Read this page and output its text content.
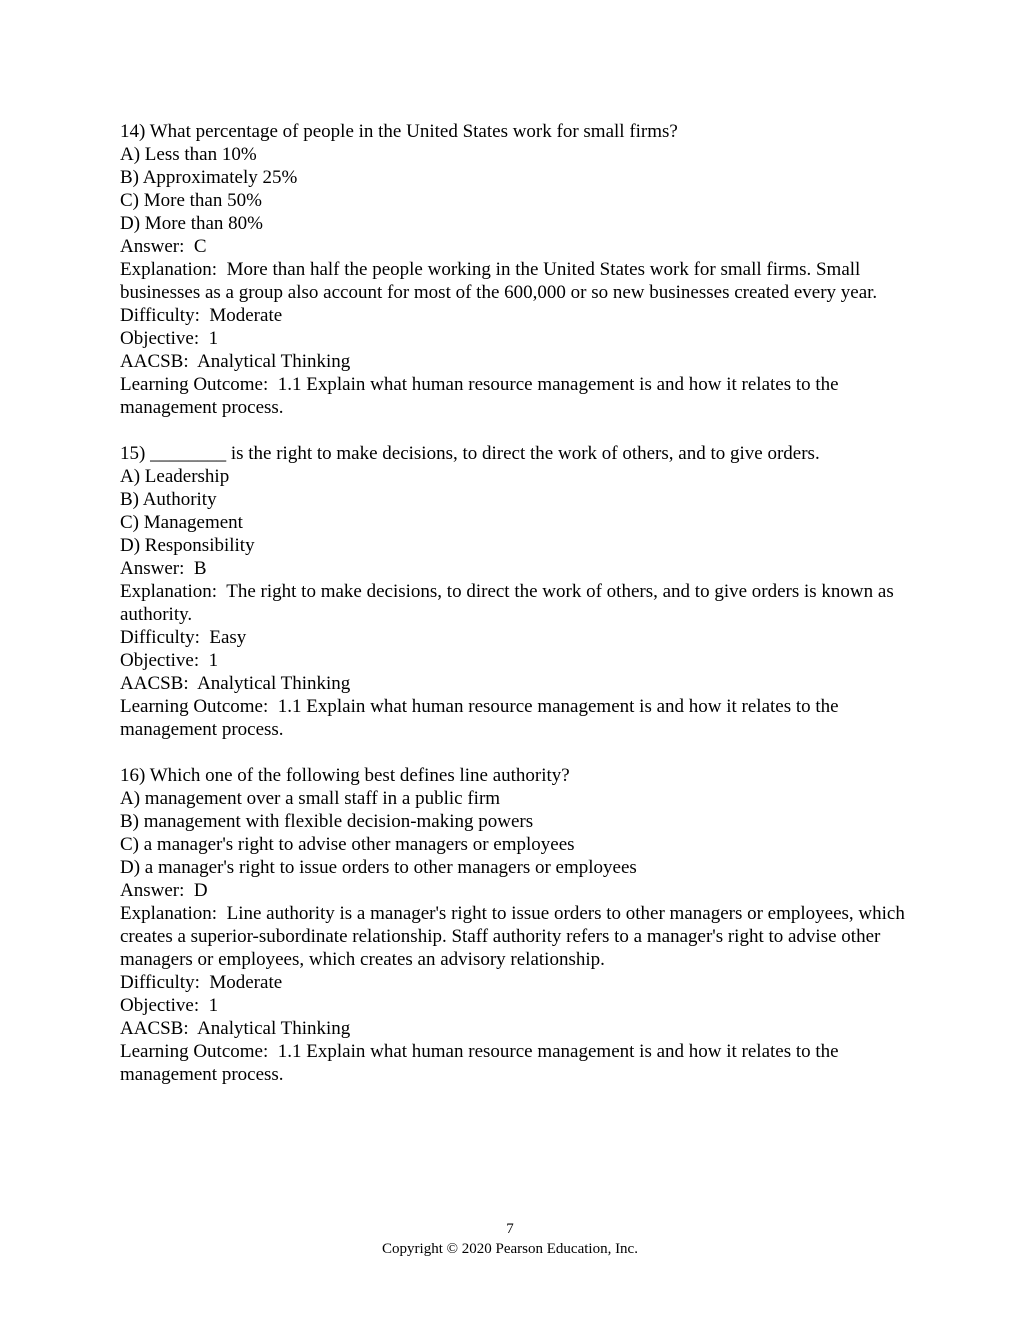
14) What percentage of people in the United States work for small firms?
A) Less than 10%
B) Approximately 25%
C) More than 50%
D) More than 80%
Answer:  C
Explanation:  More than half the people working in the United States work for small firms. Small businesses as a group also account for most of the 600,000 or so new businesses created every year.
Difficulty:  Moderate
Objective:  1
AACSB:  Analytical Thinking
Learning Outcome:  1.1 Explain what human resource management is and how it relates to the management process.
15) ________ is the right to make decisions, to direct the work of others, and to give orders.
A) Leadership
B) Authority
C) Management
D) Responsibility
Answer:  B
Explanation:  The right to make decisions, to direct the work of others, and to give orders is known as authority.
Difficulty:  Easy
Objective:  1
AACSB:  Analytical Thinking
Learning Outcome:  1.1 Explain what human resource management is and how it relates to the management process.
16) Which one of the following best defines line authority?
A) management over a small staff in a public firm
B) management with flexible decision-making powers
C) a manager's right to advise other managers or employees
D) a manager's right to issue orders to other managers or employees
Answer:  D
Explanation:  Line authority is a manager's right to issue orders to other managers or employees, which creates a superior-subordinate relationship. Staff authority refers to a manager's right to advise other managers or employees, which creates an advisory relationship.
Difficulty:  Moderate
Objective:  1
AACSB:  Analytical Thinking
Learning Outcome:  1.1 Explain what human resource management is and how it relates to the management process.
7
Copyright © 2020 Pearson Education, Inc.
